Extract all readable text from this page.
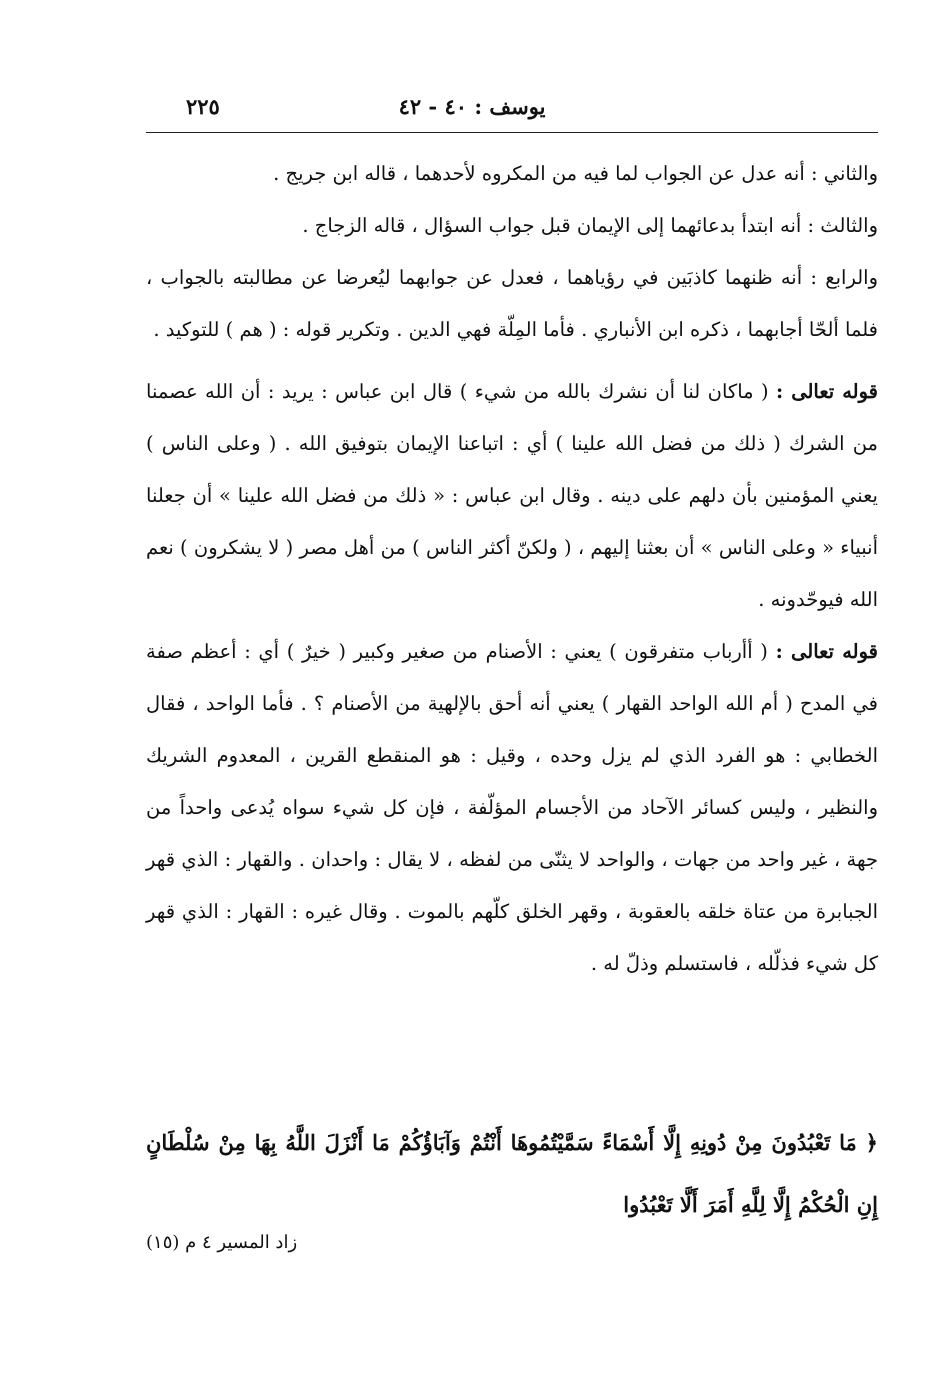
يوسف : ٤٠ - ٤٢
٢٢٥

والثاني : أنه عدل عن الجواب لما فيه من المكروه لأحدهما ، قاله ابن جريج .

والثالث : أنه ابتدأ بدعائهما إلى الإيمان قبل جواب السؤال ، قاله الزجاج .

والرابع : أنه ظنهما كاذبَين في رؤياهما ، فعدل عن جوابهما ليُعرضا عن مطالبته بالجواب ، فلما ألحّا أجابهما ، ذكره ابن الأنباري . فأما المِلّة فهي الدين . وتكرير قوله : ( هم ) للتوكيد .

قوله تعالى : ( ماكان لنا أن نشرك بالله من شيء ) قال ابن عباس : يريد : أن الله عصمنا من الشرك ( ذلك من فضل الله علينا ) أي : اتباعنا الإيمان بتوفيق الله . ( وعلى الناس ) يعني المؤمنين بأن دلهم على دينه . وقال ابن عباس : « ذلك من فضل الله علينا » أن جعلنا أنبياء « وعلى الناس » أن بعثنا إليهم ، ( ولكنّ أكثر الناس ) من أهل مصر ( لا يشكرون ) نعم الله فيوحّدونه .

قوله تعالى : ( أأرباب متفرقون ) يعني : الأصنام من صغير وكبير ( خيرٌ ) أي : أعظم صفة في المدح ( أم الله الواحد القهار ) يعني أنه أحق بالإلهية من الأصنام ؟ . فأما الواحد ، فقال الخطابي : هو الفرد الذي لم يزل وحده ، وقيل : هو المنقطع القرين ، المعدوم الشريك والنظير ، وليس كسائر الآحاد من الأجسام المؤلّفة ، فإن كل شيء سواه يُدعى واحداً من جهة ، غير واحد من جهات ، والواحد لا يثنّى من لفظه ، لا يقال : واحدان . والقهار : الذي قهر الجبابرة من عتاة خلقه بالعقوبة ، وقهر الخلق كلّهم بالموت . وقال غيره : القهار : الذي قهر كل شيء فذلّله ، فاستسلم وذلّ له .

﴿ مَا تَعْبُدُونَ مِنْ دُونِهِ إِلَّا أَسْمَاءً سَمَّيْتُمُوهَا أَنْتُمْ وَآبَاؤُكُمْ مَا أَنْزَلَ اللَّهُ بِهَا مِنْ سُلْطَانٍ إِنِ الْحُكْمُ إِلَّا لِلَّهِ أَمَرَ أَلَّا تَعْبُدُوا
زاد المسير ٤ م (١٥)
